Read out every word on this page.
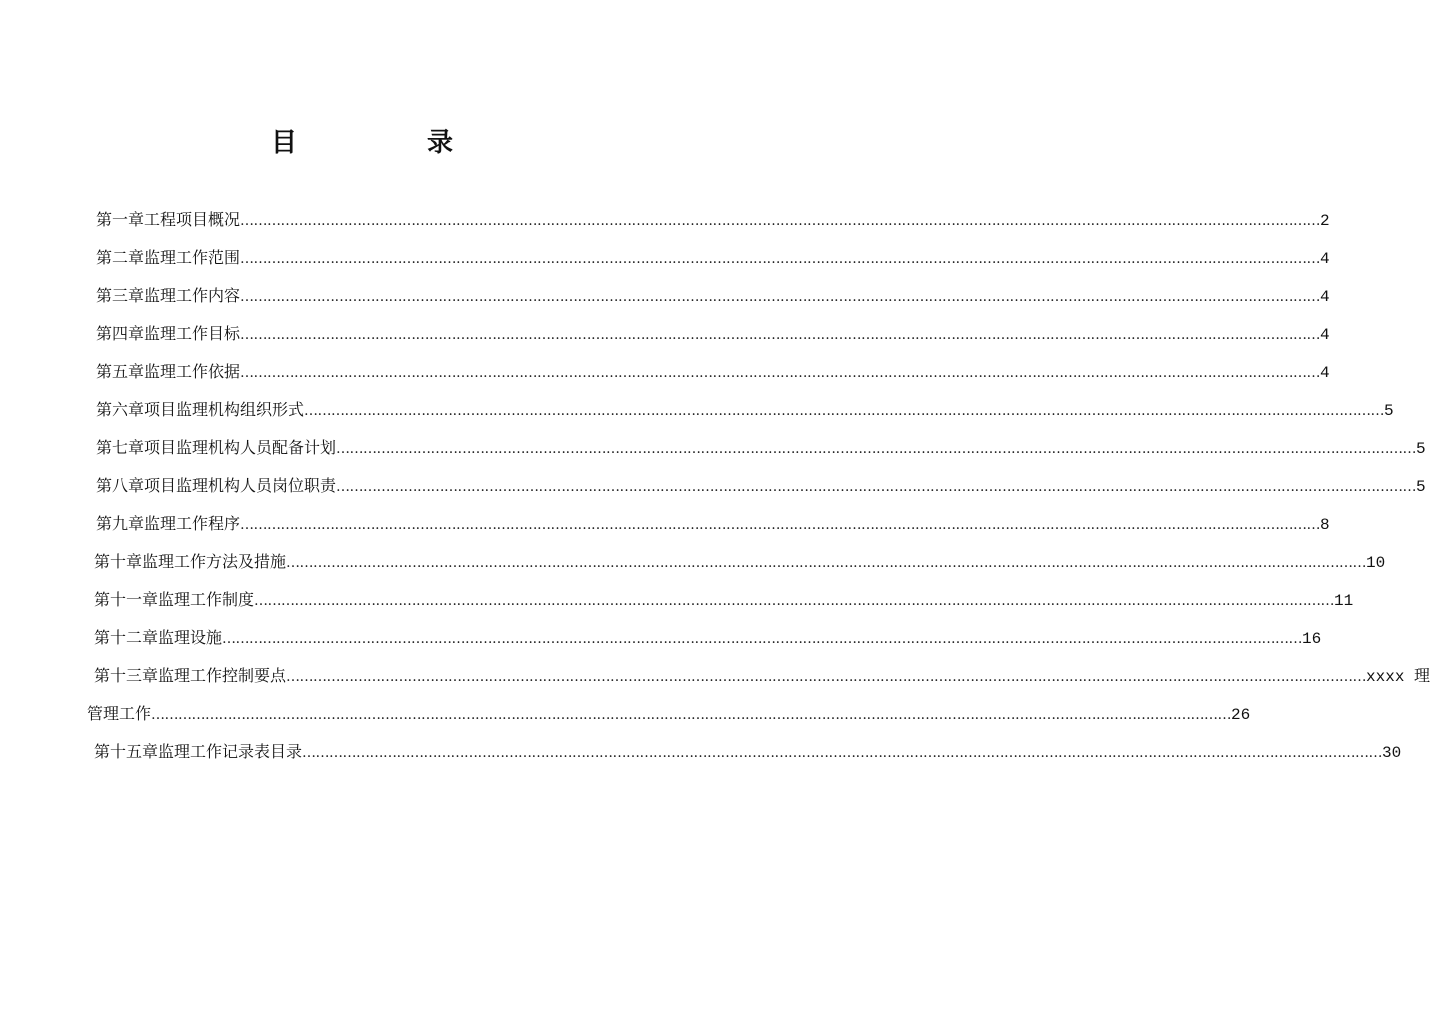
目　录
第一章 工程项目概况 …………………………………………………………………………………………………………………………………………………………………………………………………………………… 2
第二章 监理工作范围 …………………………………………………………………………………………………………………………………………………………………………………………………………………… 4
第三章 监理工作内容 …………………………………………………………………………………………………………………………………………………………………………………………………………………… 4
第四章 监理工作目标 …………………………………………………………………………………………………………………………………………………………………………………………………………………… 4
第五章 监理工作依据 …………………………………………………………………………………………………………………………………………………………………………………………………………………… 4
第六章 项目监理机构组织形式 …………………………………………………………………………………………………………………………………………………………………………………………………………………… 5
第七章 项目监理机构人员配备计划 …………………………………………………………………………………………………………………………………………………………………………………………………………………… 5
第八章 项目监理机构人员岗位职责 …………………………………………………………………………………………………………………………………………………………………………………………………………………… 5
第九章 监理工作程序 …………………………………………………………………………………………………………………………………………………………………………………………………………………… 8
第十章 监理工作方法及措施 …………………………………………………………………………………………………………………………………………………………………………………………………………………… 10
第十一章 监理工作制度 …………………………………………………………………………………………………………………………………………………………………………………………………………………… 11
第十二章 监理设施 …………………………………………………………………………………………………………………………………………………………………………………………………………………… 16
第十三章 监理工作控制要点 …………………………………………………………………………………………………………………………………………………………………………………………………………………… xxxx 理
管理工作 …………………………………………………………………………………………………………………………………………………………………………………………………………………… 26
第十五章 监理工作记录表目录 …………………………………………………………………………………………………………………………………………………………………………………………………………………… 30
